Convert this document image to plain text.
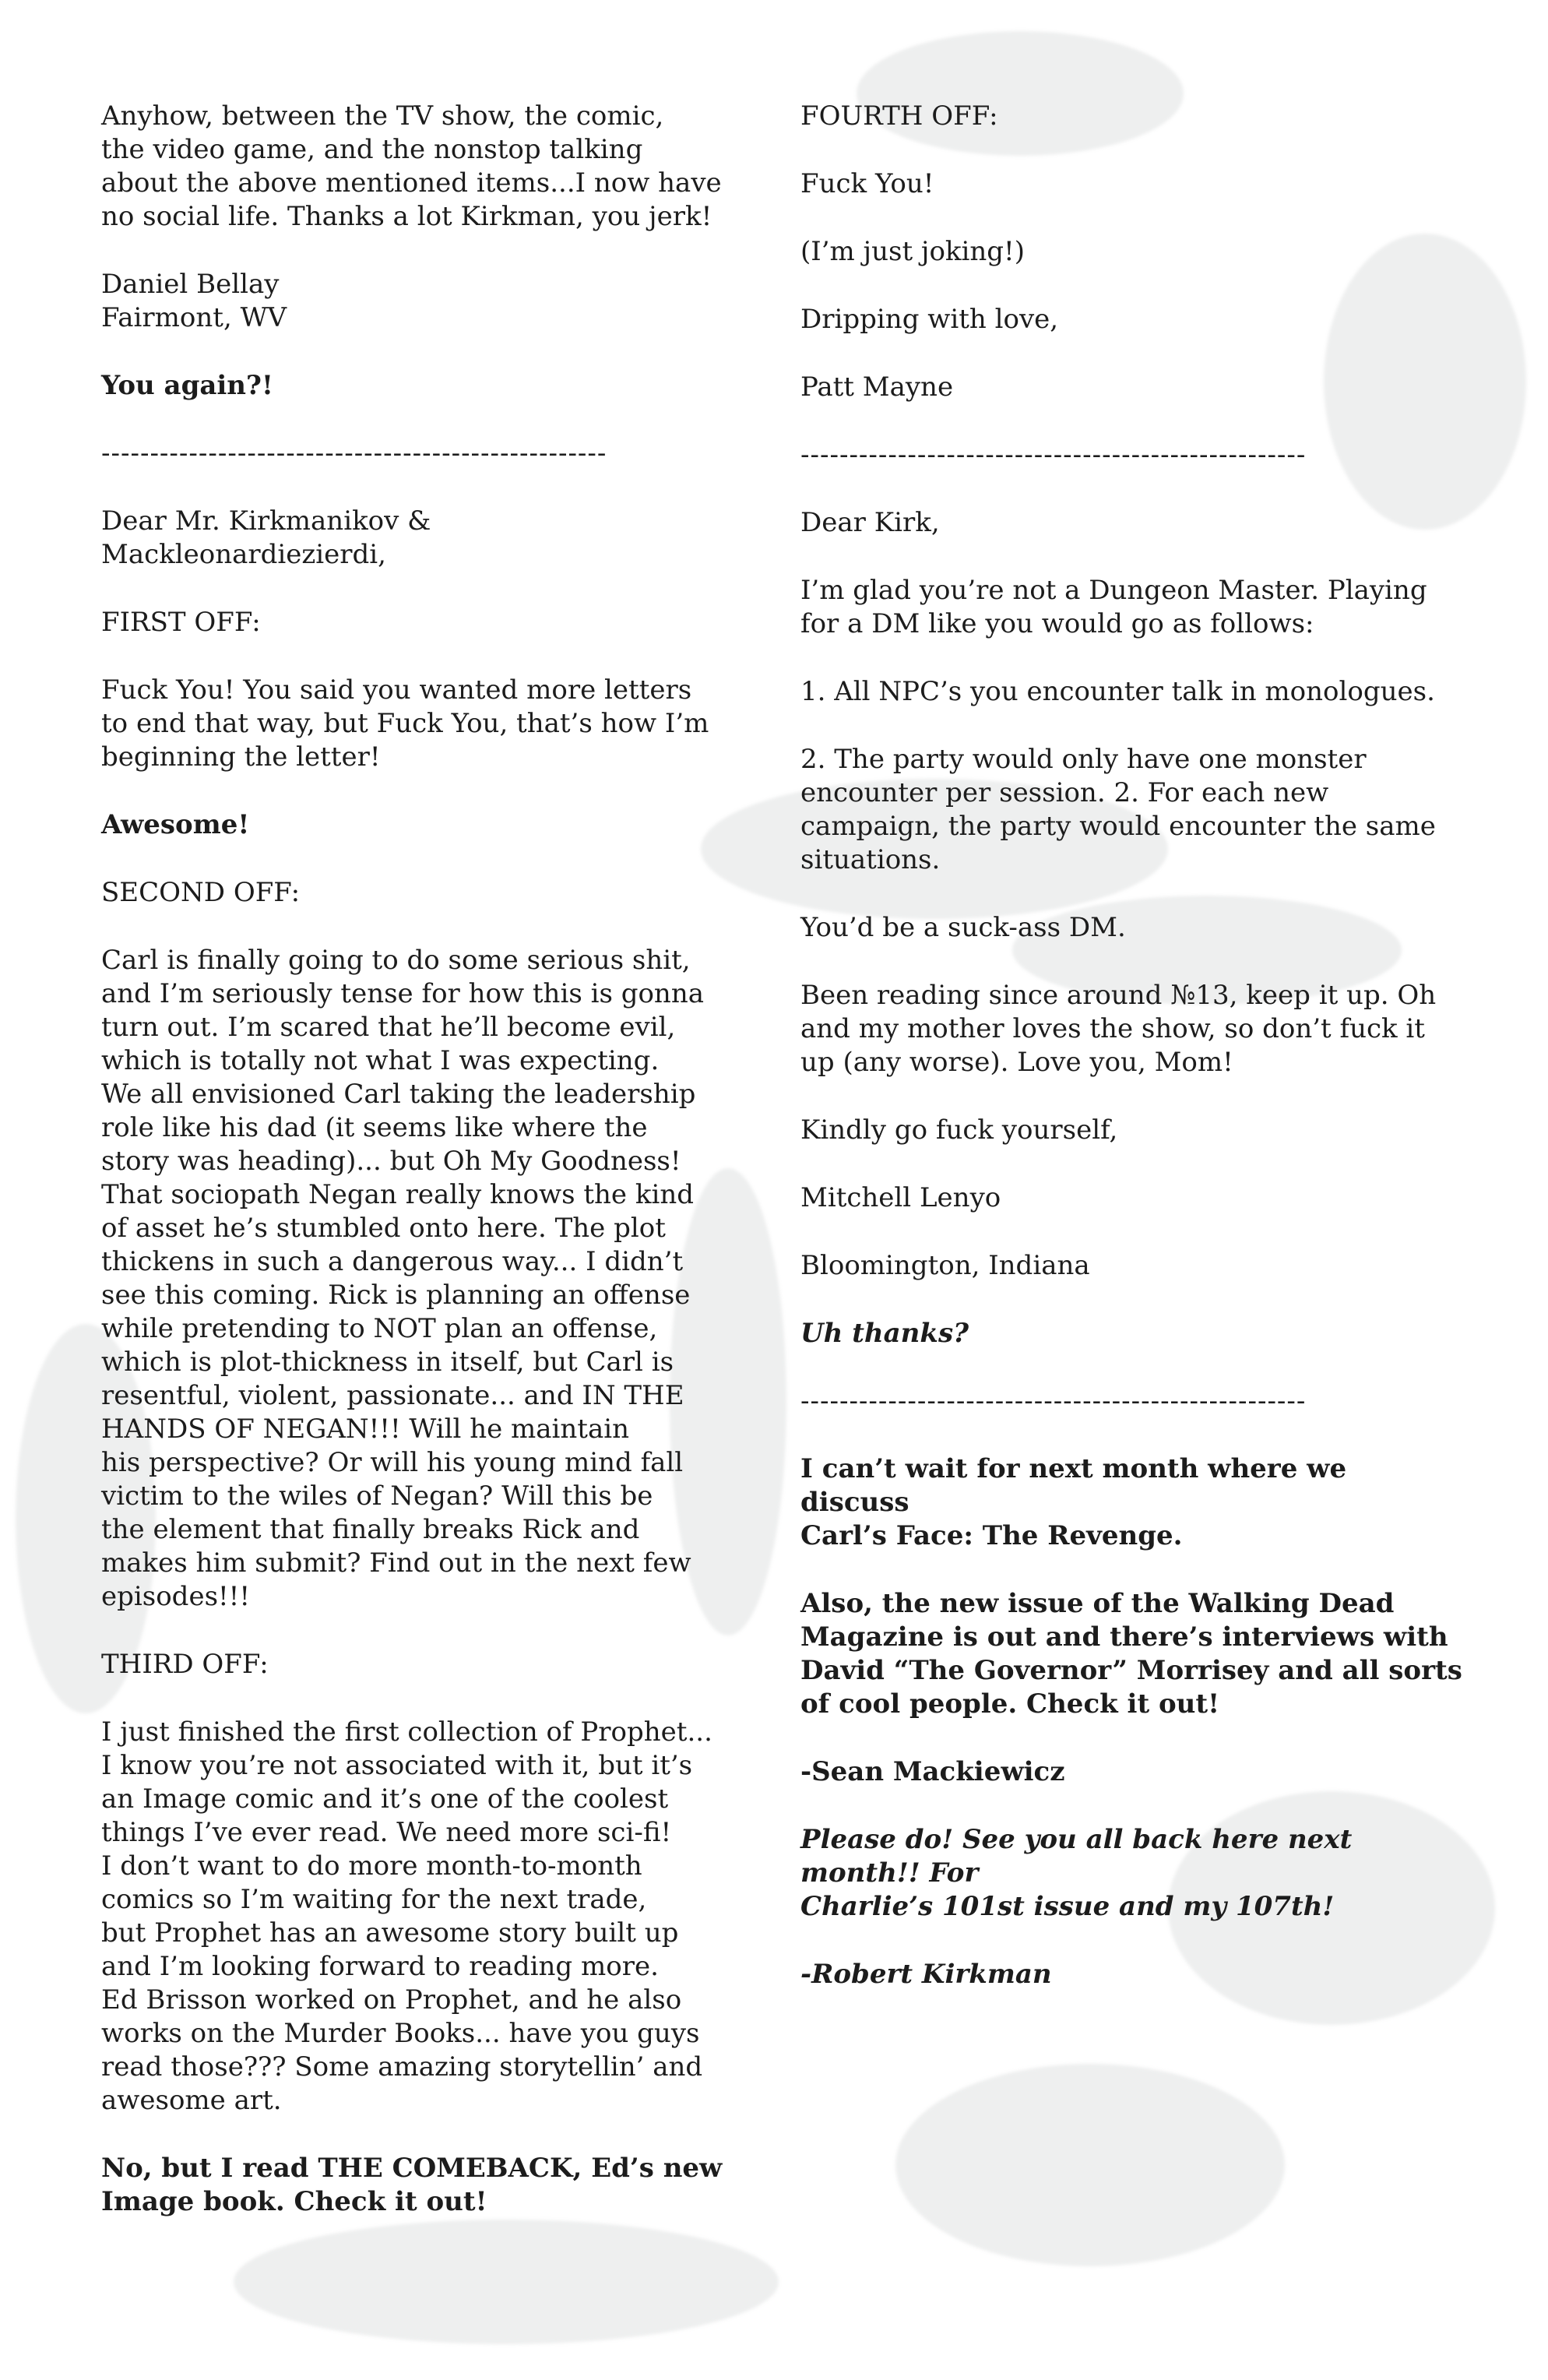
Anyhow, between the TV show, the comic,
the video game, and the nonstop talking
about the above mentioned items...I now have
no social life. Thanks a lot Kirkman, you jerk!

Daniel Bellay

Fairmont, WV

You again?!

----------------------------------------------------

Dear Mr. Kirkmanikov &
Mackleonardiezierdi,

FIRST OFF:

Fuck You! You said you wanted more letters
to end that way, but Fuck You, that’s how I’m
beginning the letter!

Awesome!

SECOND OFF:

Carl is finally going to do some serious shit,
and I’m seriously tense for how this is gonna
turn out. I’m scared that he’ll become evil,
which is totally not what I was expecting.
We all envisioned Carl taking the leadership
role like his dad (it seems like where the
story was heading)... but Oh My Goodness!
That sociopath Negan really knows the kind
of asset he’s stumbled onto here. The plot
thickens in such a dangerous way... I didn’t
see this coming. Rick is planning an offense
while pretending to NOT plan an offense,
which is plot-thickness in itself, but Carl is
resentful, violent, passionate... and IN THE
HANDS OF NEGAN!!! Will he maintain
his perspective? Or will his young mind fall
victim to the wiles of Negan? Will this be
the element that finally breaks Rick and
makes him submit? Find out in the next few
episodes!!!

THIRD OFF:

I just finished the first collection of Prophet...
I know you’re not associated with it, but it’s
an Image comic and it’s one of the coolest
things I’ve ever read. We need more sci-fi!
I don’t want to do more month-to-month
comics so I’m waiting for the next trade,
but Prophet has an awesome story built up
and I’m looking forward to reading more.
Ed Brisson worked on Prophet, and he also
works on the Murder Books... have you guys
read those??? Some amazing storytellin’ and
awesome art.

No, but I read THE COMEBACK, Ed’s new
Image book. Check it out!

FOURTH OFF:

Fuck You!

(I’m just joking!)

Dripping with love,

Patt Mayne

----------------------------------------------------

Dear Kirk,

I’m glad you’re not a Dungeon Master. Playing
for a DM like you would go as follows:

1. All NPC’s you encounter talk in monologues.

2. The party would only have one monster
encounter per session. 2. For each new
campaign, the party would encounter the same
situations.

You’d be a suck-ass DM.

Been reading since around №13, keep it up. Oh
and my mother loves the show, so don’t fuck it
up (any worse). Love you, Mom!

Kindly go fuck yourself,

Mitchell Lenyo

Bloomington, Indiana

Uh thanks?

----------------------------------------------------

I can’t wait for next month where we discuss
Carl’s Face: The Revenge.

Also, the new issue of the Walking Dead
Magazine is out and there’s interviews with
David “The Governor” Morrisey and all sorts
of cool people. Check it out!

-Sean Mackiewicz

Please do! See you all back here next month!! For
Charlie’s 101st issue and my 107th!

-Robert Kirkman
